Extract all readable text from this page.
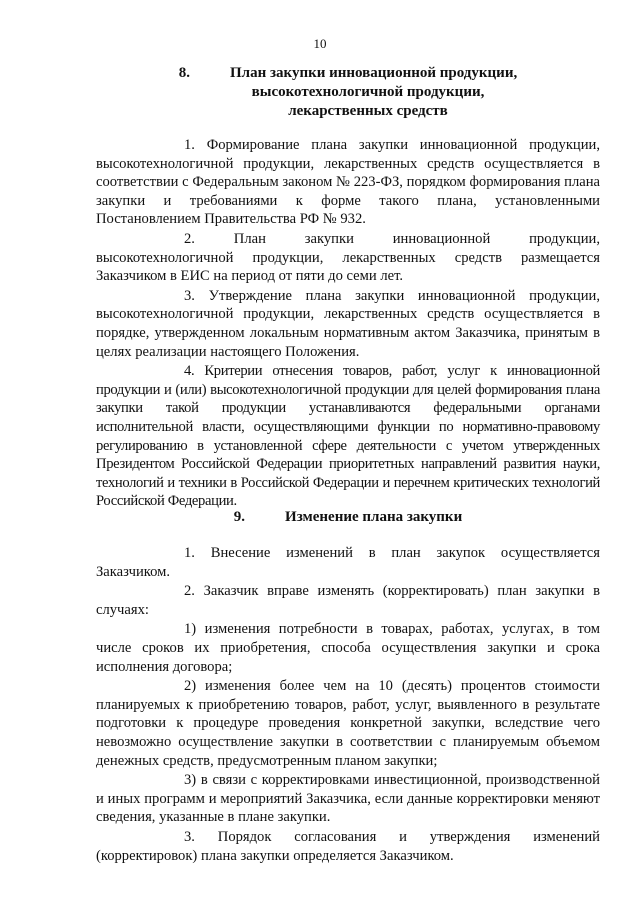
10
8.	План закупки инновационной продукции,
высокотехнологичной продукции,
лекарственных средств

1. Формирование плана закупки инновационной продукции, высокотехнологичной продукции, лекарственных средств осуществляется в соответствии с Федеральным законом № 223-ФЗ, порядком формирования плана закупки и требованиями к форме такого плана, установленными Постановлением Правительства РФ № 932.

2.	План закупки инновационной продукции, высокотехнологичной продукции, лекарственных средств размещается Заказчиком в ЕИС на период от пяти до семи лет.

3. Утверждение плана закупки инновационной продукции, высокотехнологичной продукции, лекарственных средств осуществляется в порядке, утвержденном локальным нормативным актом Заказчика, принятым в целях реализации настоящего Положения.

4. Критерии отнесения товаров, работ, услуг к инновационной продукции и (или) высокотехнологичной продукции для целей формирования плана закупки такой продукции устанавливаются федеральными органами исполнительной власти, осуществляющими функции по нормативно-правовому регулированию в установленной сфере деятельности с учетом утвержденных Президентом Российской Федерации приоритетных направлений развития науки, технологий и техники в Российской Федерации и перечнем критических технологий Российской Федерации.

9.	Изменение плана закупки

1. Внесение изменений в план закупок осуществляется Заказчиком.

2. Заказчик вправе изменять (корректировать) план закупки в случаях:

1) изменения потребности в товарах, работах, услугах, в том числе сроков их приобретения, способа осуществления закупки и срока исполнения договора;

2) изменения более чем на 10 (десять) процентов стоимости планируемых к приобретению товаров, работ, услуг, выявленного в результате подготовки к процедуре проведения конкретной закупки, вследствие чего невозможно осуществление закупки в соответствии с планируемым объемом денежных средств, предусмотренным планом закупки;

3) в связи с корректировками инвестиционной, производственной и иных программ и мероприятий Заказчика, если данные корректировки меняют сведения, указанные в плане закупки.

3. Порядок согласования и утверждения изменений (корректировок) плана закупки определяется Заказчиком.
